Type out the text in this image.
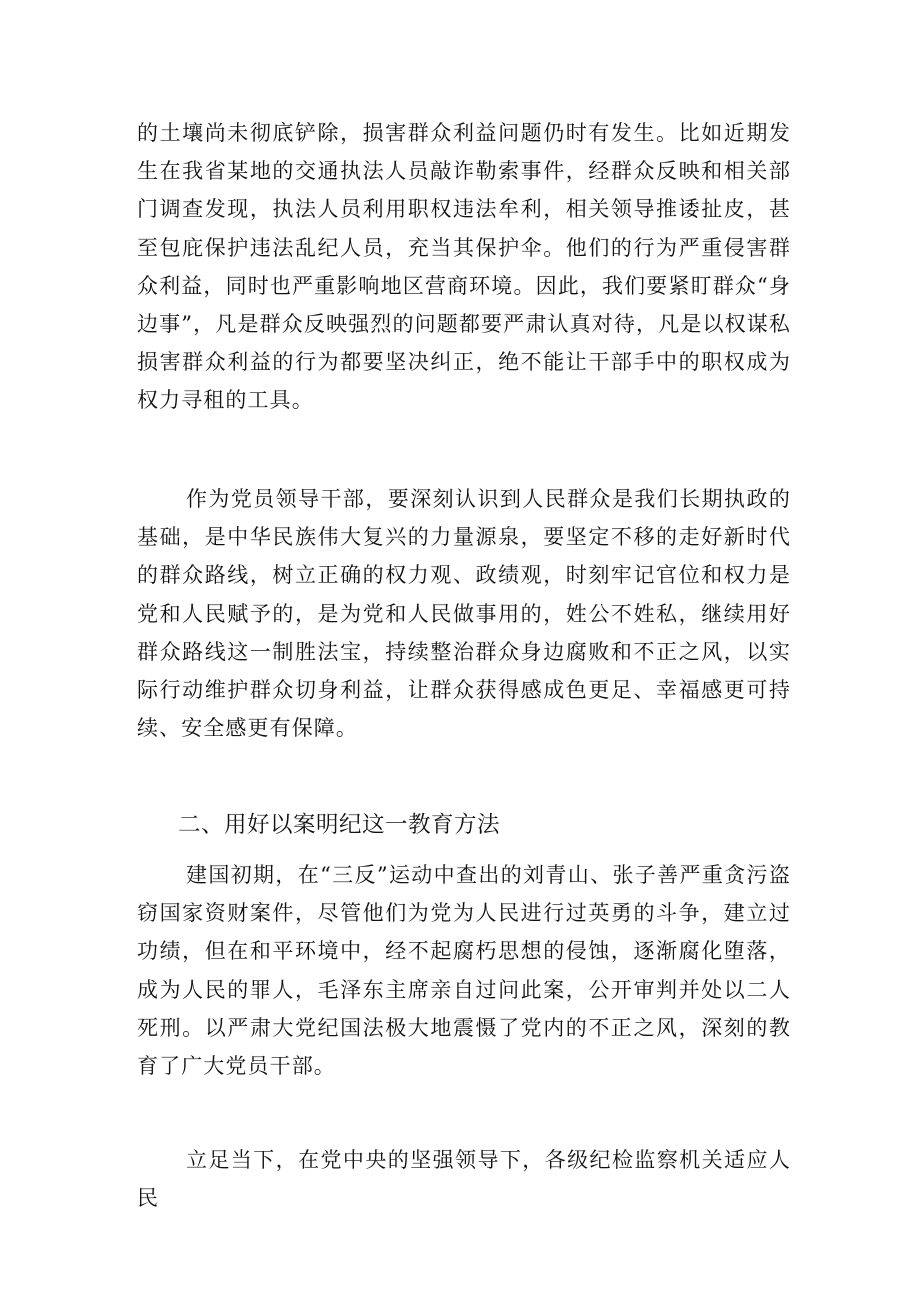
的土壤尚未彻底铲除，损害群众利益问题仍时有发生。比如近期发生在我省某地的交通执法人员敲诈勒索事件，经群众反映和相关部门调查发现，执法人员利用职权违法牟利，相关领导推诿扯皮，甚至包庇保护违法乱纪人员，充当其保护伞。他们的行为严重侵害群众利益，同时也严重影响地区营商环境。因此，我们要紧盯群众“身边事”，凡是群众反映强烈的问题都要严肃认真对待，凡是以权谋私损害群众利益的行为都要坚决纠正，绝不能让干部手中的职权成为权力寻租的工具。

作为党员领导干部，要深刻认识到人民群众是我们长期执政的基础，是中华民族伟大复兴的力量源泉，要坚定不移的走好新时代的群众路线，树立正确的权力观、政绩观，时刻牢记官位和权力是党和人民赋予的，是为党和人民做事用的，姓公不姓私，继续用好群众路线这一制胜法宝，持续整治群众身边腐败和不正之风，以实际行动维护群众切身利益，让群众获得感成色更足、幸福感更可持续、安全感更有保障。

二、用好以案明纪这一教育方法

建国初期，在“三反”运动中查出的刘青山、张子善严重贪污盗窃国家资财案件，尽管他们为党为人民进行过英勇的斗争，建立过功绩，但在和平环境中，经不起腐朽思想的侵蚀，逐渐腐化堕落，成为人民的罪人，毛泽东主席亲自过问此案，公开审判并处以二人死刑。以严肃大党纪国法极大地震慑了党内的不正之风，深刻的教育了广大党员干部。

立足当下，在党中央的坚强领导下，各级纪检监察机关适应人民
